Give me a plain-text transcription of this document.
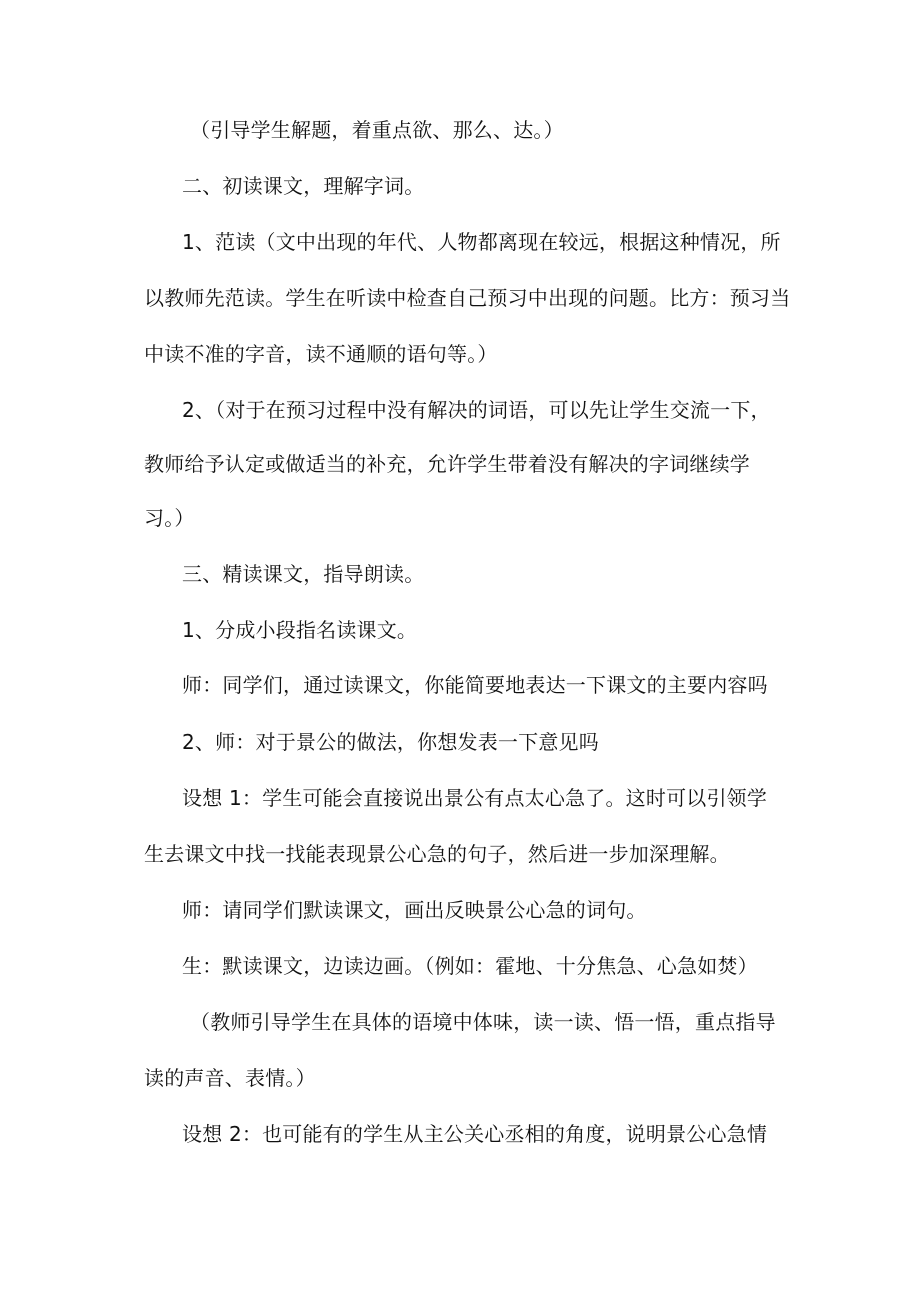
（引导学生解题，着重点欲、那么、达。）
二、初读课文，理解字词。
1、范读（文中出现的年代、人物都离现在较远，根据这种情况，所
以教师先范读。学生在听读中检查自己预习中出现的问题。比方：预习当
中读不准的字音，读不通顺的语句等。）
2、（对于在预习过程中没有解决的词语，可以先让学生交流一下，
教师给予认定或做适当的补充，允许学生带着没有解决的字词继续学
习。）
三、精读课文，指导朗读。
1、分成小段指名读课文。
师：同学们，通过读课文，你能简要地表达一下课文的主要内容吗
2、师：对于景公的做法，你想发表一下意见吗
设想 1：学生可能会直接说出景公有点太心急了。这时可以引领学
生去课文中找一找能表现景公心急的句子，然后进一步加深理解。
师：请同学们默读课文，画出反映景公心急的词句。
生：默读课文，边读边画。（例如：霍地、十分焦急、心急如焚）
（教师引导学生在具体的语境中体味，读一读、悟一悟，重点指导
读的声音、表情。）
设想 2：也可能有的学生从主公关心丞相的角度，说明景公心急情
